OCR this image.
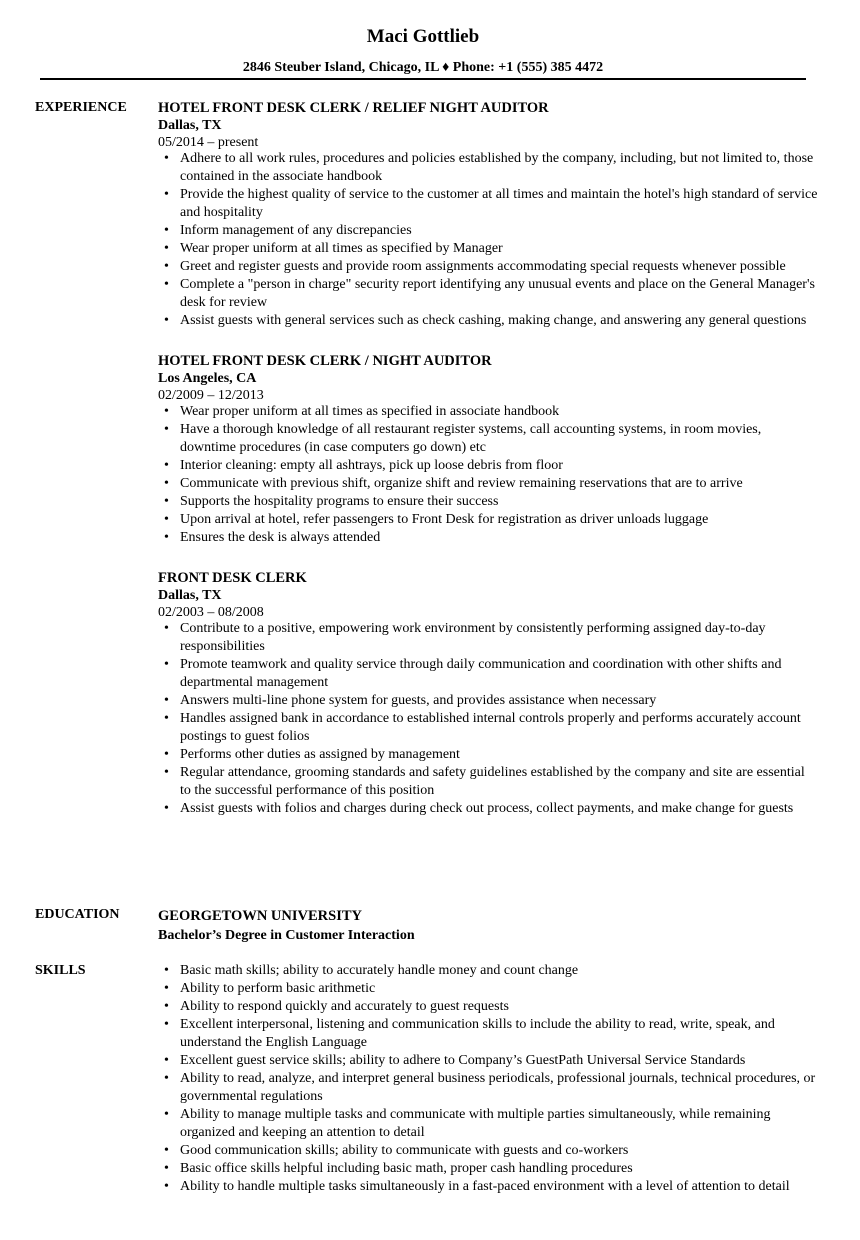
Maci Gottlieb
2846 Steuber Island, Chicago, IL ♦ Phone: +1 (555) 385 4472
EXPERIENCE	HOTEL FRONT DESK CLERK / RELIEF NIGHT AUDITOR
Dallas, TX
05/2014 – present
• Adhere to all work rules, procedures and policies established by the company, including, but not limited to, those contained in the associate handbook
• Provide the highest quality of service to the customer at all times and maintain the hotel's high standard of service and hospitality
• Inform management of any discrepancies
• Wear proper uniform at all times as specified by Manager
• Greet and register guests and provide room assignments accommodating special requests whenever possible
• Complete a "person in charge" security report identifying any unusual events and place on the General Manager's desk for review
• Assist guests with general services such as check cashing, making change, and answering any general questions
HOTEL FRONT DESK CLERK / NIGHT AUDITOR
Los Angeles, CA
02/2009 – 12/2013
• Wear proper uniform at all times as specified in associate handbook
• Have a thorough knowledge of all restaurant register systems, call accounting systems, in room movies, downtime procedures (in case computers go down) etc
• Interior cleaning: empty all ashtrays, pick up loose debris from floor
• Communicate with previous shift, organize shift and review remaining reservations that are to arrive
• Supports the hospitality programs to ensure their success
• Upon arrival at hotel, refer passengers to Front Desk for registration as driver unloads luggage
• Ensures the desk is always attended
FRONT DESK CLERK
Dallas, TX
02/2003 – 08/2008
• Contribute to a positive, empowering work environment by consistently performing assigned day-to-day responsibilities
• Promote teamwork and quality service through daily communication and coordination with other shifts and departmental management
• Answers multi-line phone system for guests, and provides assistance when necessary
• Handles assigned bank in accordance to established internal controls properly and performs accurately account postings to guest folios
• Performs other duties as assigned by management
• Regular attendance, grooming standards and safety guidelines established by the company and site are essential to the successful performance of this position
• Assist guests with folios and charges during check out process, collect payments, and make change for guests
EDUCATION	GEORGETOWN UNIVERSITY
Bachelor’s Degree in Customer Interaction
SKILLS
•	Basic math skills; ability to accurately handle money and count change
• Ability to perform basic arithmetic
• Ability to respond quickly and accurately to guest requests
• Excellent interpersonal, listening and communication skills to include the ability to read, write, speak, and understand the English Language
• Excellent guest service skills; ability to adhere to Company’s GuestPath Universal Service Standards
• Ability to read, analyze, and interpret general business periodicals, professional journals, technical procedures, or governmental regulations
• Ability to manage multiple tasks and communicate with multiple parties simultaneously, while remaining organized and keeping an attention to detail
• Good communication skills; ability to communicate with guests and co-workers
• Basic office skills helpful including basic math, proper cash handling procedures
• Ability to handle multiple tasks simultaneously in a fast-paced environment with a level of attention to detail
